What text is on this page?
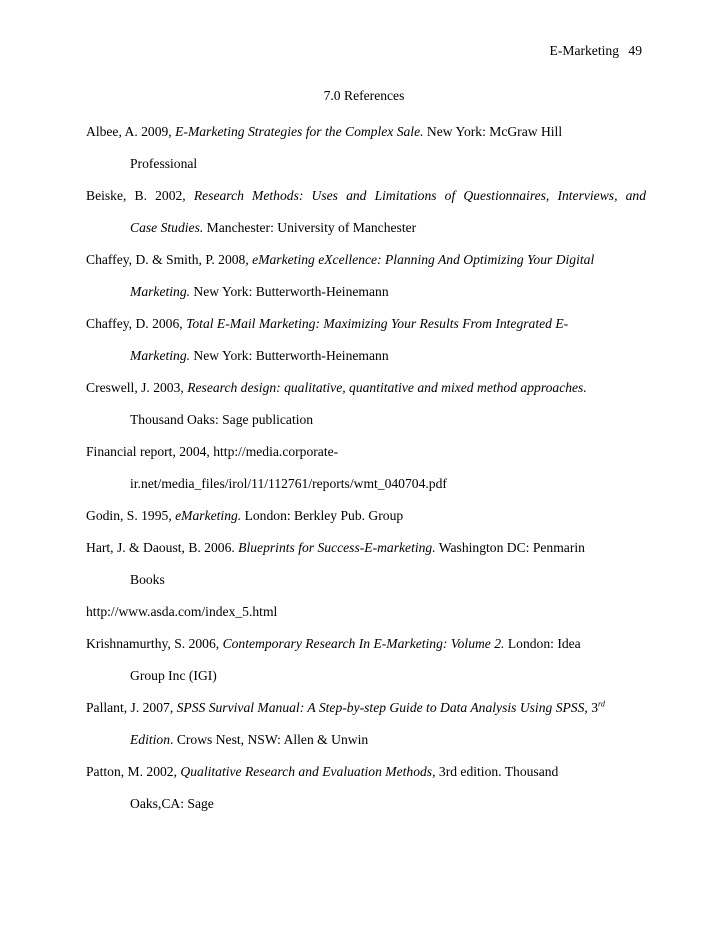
E-Marketing 49
7.0 References
Albee, A. 2009, E-Marketing Strategies for the Complex Sale. New York: McGraw Hill
Professional
Beiske, B. 2002, Research Methods: Uses and Limitations of Questionnaires, Interviews, and
Case Studies. Manchester: University of Manchester
Chaffey, D. & Smith, P. 2008, eMarketing eXcellence: Planning And Optimizing Your Digital
Marketing. New York: Butterworth-Heinemann
Chaffey, D. 2006, Total E-Mail Marketing: Maximizing Your Results From Integrated E-
Marketing. New York: Butterworth-Heinemann
Creswell, J. 2003, Research design: qualitative, quantitative and mixed method approaches.
Thousand Oaks: Sage publication
Financial report, 2004, http://media.corporate-
ir.net/media_files/irol/11/112761/reports/wmt_040704.pdf
Godin, S. 1995, eMarketing. London: Berkley Pub. Group
Hart, J. & Daoust, B. 2006. Blueprints for Success-E-marketing. Washington DC: Penmarin
Books
http://www.asda.com/index_5.html
Krishnamurthy, S. 2006, Contemporary Research In E-Marketing: Volume 2. London: Idea
Group Inc (IGI)
Pallant, J. 2007, SPSS Survival Manual: A Step-by-step Guide to Data Analysis Using SPSS, 3rd
Edition. Crows Nest, NSW: Allen & Unwin
Patton, M. 2002, Qualitative Research and Evaluation Methods, 3rd edition. Thousand
Oaks,CA: Sage
